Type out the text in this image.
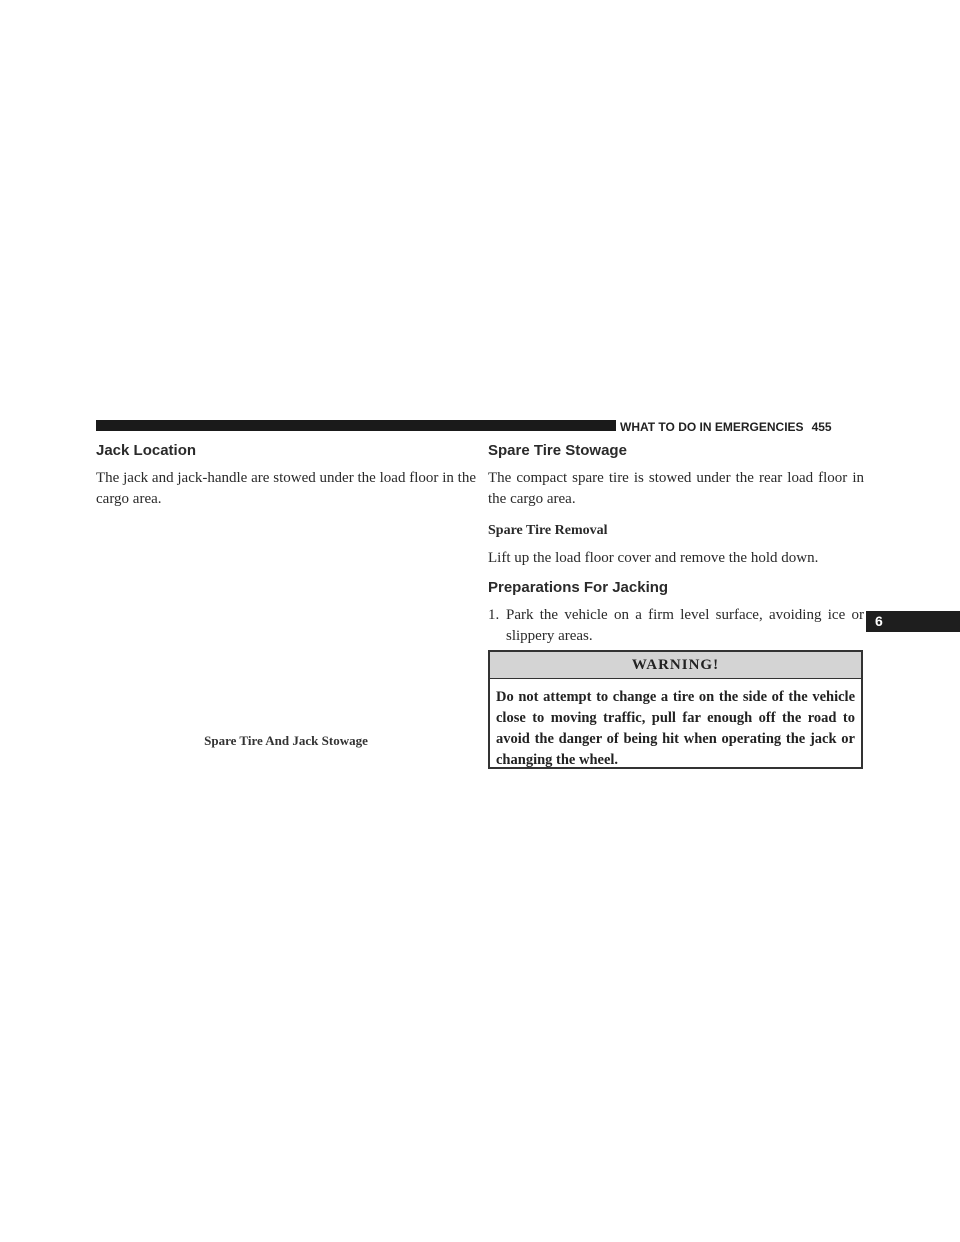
WHAT TO DO IN EMERGENCIES 455
Jack Location

The jack and jack-handle are stowed under the load floor in the cargo area.

Spare Tire And Jack Stowage
Spare Tire Stowage

The compact spare tire is stowed under the rear load floor in the cargo area.

Spare Tire Removal

Lift up the load floor cover and remove the hold down.

Preparations For Jacking
1. Park the vehicle on a firm level surface, avoiding ice or slippery areas.
WARNING!
Do not attempt to change a tire on the side of the vehicle close to moving traffic, pull far enough off the road to avoid the danger of being hit when operating the jack or changing the wheel.
6
